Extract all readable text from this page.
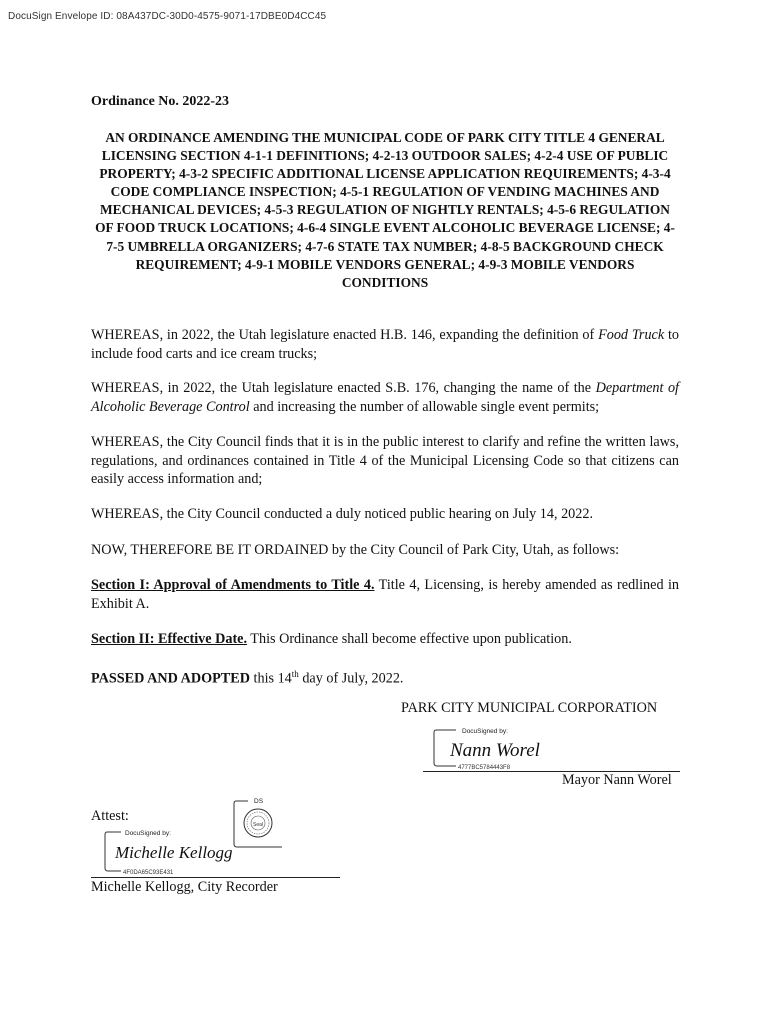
DocuSign Envelope ID: 08A437DC-30D0-4575-9071-17DBE0D4CC45
Ordinance No. 2022-23
AN ORDINANCE AMENDING THE MUNICIPAL CODE OF PARK CITY TITLE 4 GENERAL LICENSING SECTION 4-1-1 DEFINITIONS; 4-2-13 OUTDOOR SALES; 4-2-4 USE OF PUBLIC PROPERTY; 4-3-2 SPECIFIC ADDITIONAL LICENSE APPLICATION REQUIREMENTS; 4-3-4 CODE COMPLIANCE INSPECTION; 4-5-1 REGULATION OF VENDING MACHINES AND MECHANICAL DEVICES; 4-5-3 REGULATION OF NIGHTLY RENTALS; 4-5-6 REGULATION OF FOOD TRUCK LOCATIONS; 4-6-4 SINGLE EVENT ALCOHOLIC BEVERAGE LICENSE; 4-7-5 UMBRELLA ORGANIZERS; 4-7-6 STATE TAX NUMBER; 4-8-5 BACKGROUND CHECK REQUIREMENT; 4-9-1 MOBILE VENDORS GENERAL; 4-9-3 MOBILE VENDORS CONDITIONS
WHEREAS, in 2022, the Utah legislature enacted H.B. 146, expanding the definition of Food Truck to include food carts and ice cream trucks;
WHEREAS, in 2022, the Utah legislature enacted S.B. 176, changing the name of the Department of Alcoholic Beverage Control and increasing the number of allowable single event permits;
WHEREAS, the City Council finds that it is in the public interest to clarify and refine the written laws, regulations, and ordinances contained in Title 4 of the Municipal Licensing Code so that citizens can easily access information and;
WHEREAS, the City Council conducted a duly noticed public hearing on July 14, 2022.
NOW, THEREFORE BE IT ORDAINED by the City Council of Park City, Utah, as follows:
Section I: Approval of Amendments to Title 4. Title 4, Licensing, is hereby amended as redlined in Exhibit A.
Section II: Effective Date. This Ordinance shall become effective upon publication.
PASSED AND ADOPTED this 14th day of July, 2022.
PARK CITY MUNICIPAL CORPORATION
DocuSigned by:
Nann Worel
4777BC5784443F8
Mayor Nann Worel
DS
Seal
Attest:
DocuSigned by:
Michelle Kellogg
4F0DA65C93E431
Michelle Kellogg, City Recorder
